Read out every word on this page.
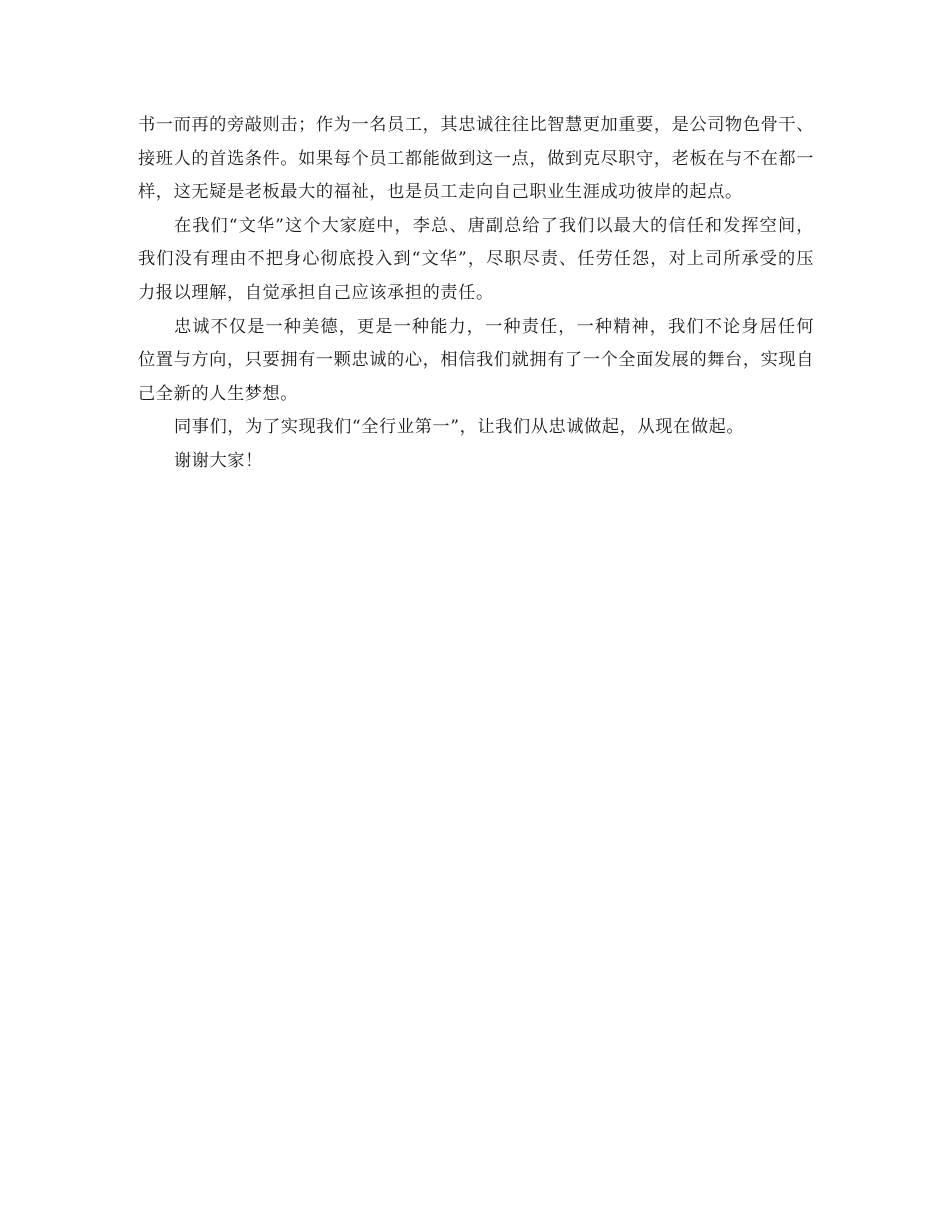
书一而再的旁敲则击；作为一名员工，其忠诚往往比智慧更加重要，是公司物色骨干、接班人的首选条件。如果每个员工都能做到这一点，做到克尽职守，老板在与不在都一样，这无疑是老板最大的福祉，也是员工走向自己职业生涯成功彼岸的起点。

在我们“文华”这个大家庭中，李总、唐副总给了我们以最大的信任和发挥空间，我们没有理由不把身心彻底投入到“文华”，尽职尽责、任劳任怨，对上司所承受的压力报以理解，自觉承担自己应该承担的责任。

忠诚不仅是一种美德，更是一种能力，一种责任，一种精神，我们不论身居任何位置与方向，只要拥有一颗忠诚的心，相信我们就拥有了一个全面发展的舞台，实现自己全新的人生梦想。

同事们，为了实现我们“全行业第一”，让我们从忠诚做起，从现在做起。

谢谢大家！
